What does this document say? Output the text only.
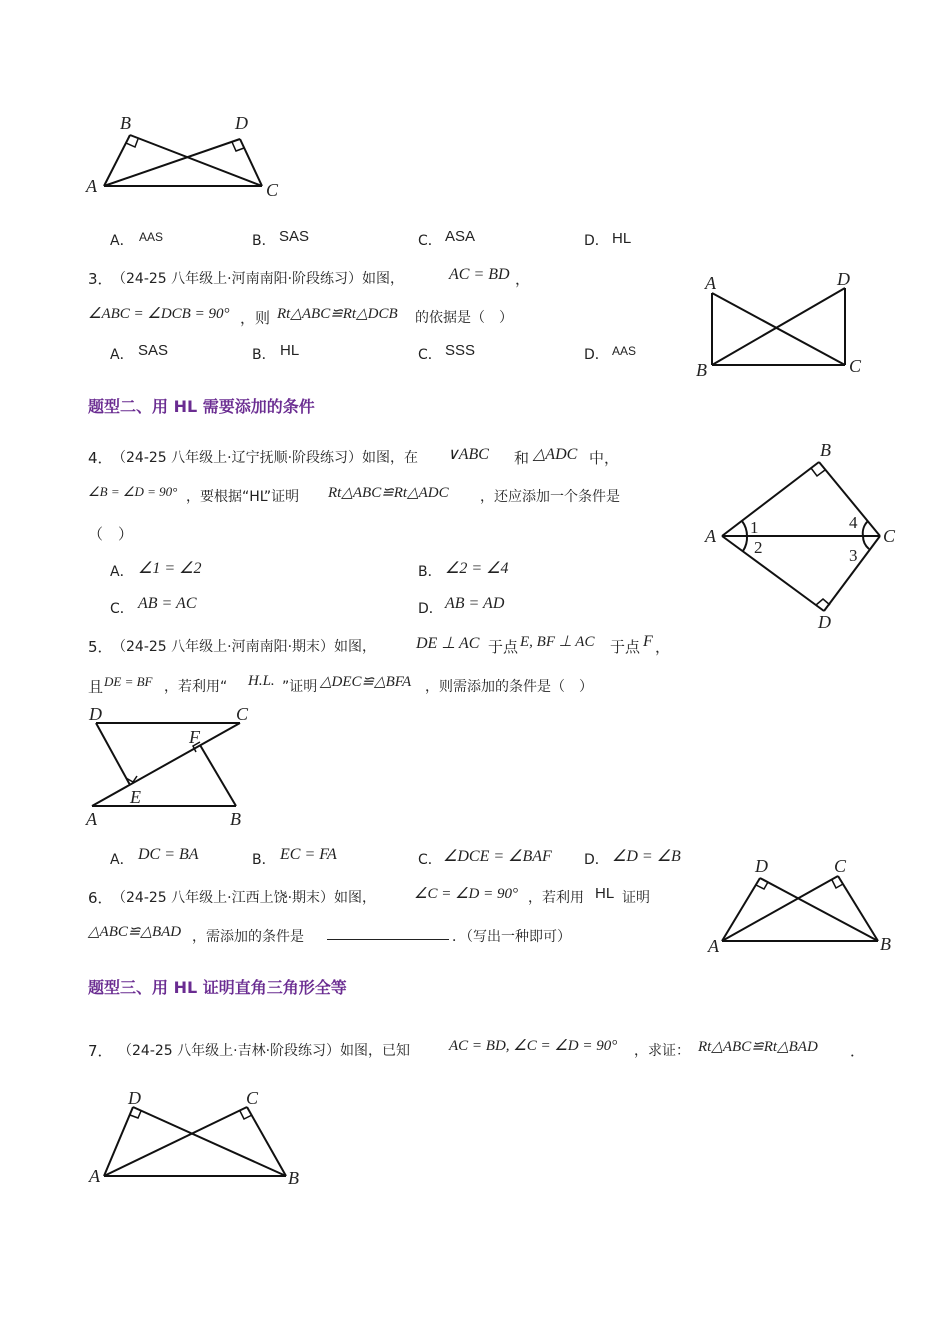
B	D
A	C
A． AAS	B． SAS	C． ASA	D． HL
3． （24-25 八年级上·河南南阳·阶段练习）如图，	AC = BD ，
∠ABC = ∠DCB = 90° ，则 Rt△ABC≌Rt△DCB 的依据是（　）
A． SAS	B． HL	C． SSS	D． AAS
A	D
B	C
题型二、用 HL 需要添加的条件
4． （24-25 八年级上·辽宁抚顺·阶段练习）如图，在 ∨ABC 和 △ADC 中，
∠B = ∠D = 90° ，要根据“HL”证明 Rt△ABC≌Rt△ADC ，还应添加一个条件是
（　）
A． ∠1 = ∠2	B． ∠2 = ∠4
C． AB = AC	D． AB = AD
B
A	C
D
1
2
4
3
5． （24-25 八年级上·河南南阳·期末）如图， DE ⊥ AC 于点 E, BF ⊥ AC 于点 F ，
且 DE = BF ，若利用“ H.L. ”证明 △DEC≌△BFA ，则需添加的条件是（　）
A． DC = BA	B． EC = FA	C． ∠DCE = ∠BAF D． ∠D = ∠B
D	C
F
E
A	B
6． （24-25 八年级上·江西上饶·期末）如图，	∠C = ∠D = 90° ，若利用 HL 证明
△ABC≌△BAD ，需添加的条件是	．（写出一种即可）
D	C
A	B
题型三、用 HL 证明直角三角形全等
7． （24-25 八年级上·吉林·阶段练习）如图，已知	AC = BD, ∠C = ∠D = 90° ，求证： Rt△ABC≌Rt△BAD ．
D	C
A	B
